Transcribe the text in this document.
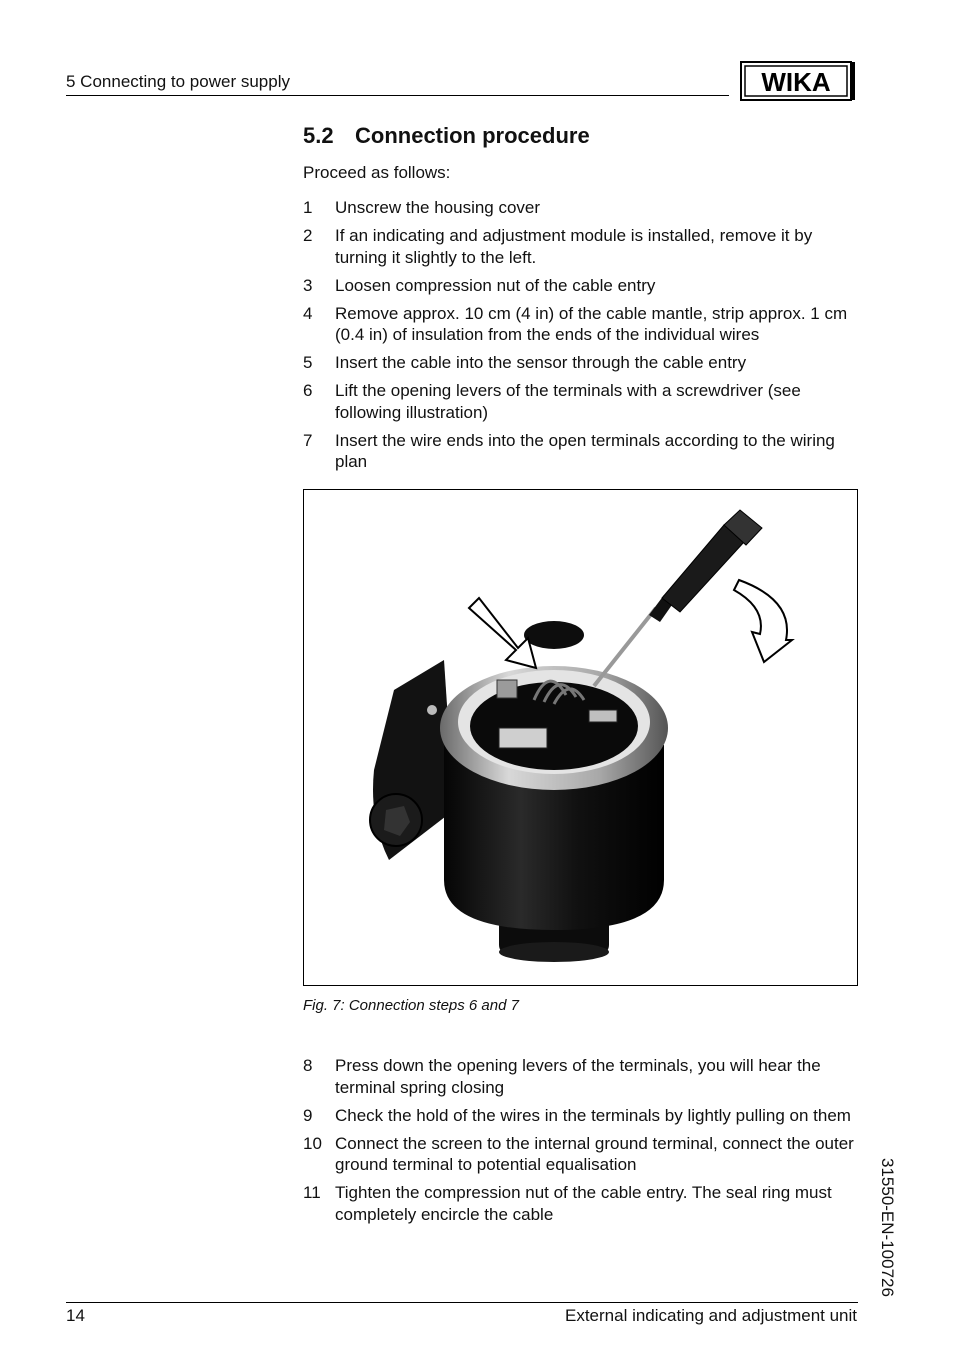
5 Connecting to power supply	WIKA
5.2 Connection procedure
Proceed as follows:
1	Unscrew the housing cover
2	If an indicating and adjustment module is installed, remove it by turning it slightly to the left.
3	Loosen compression nut of the cable entry
4	Remove approx. 10 cm (4 in) of the cable mantle, strip approx. 1 cm (0.4 in) of insulation from the ends of the individual wires
5	Insert the cable into the sensor through the cable entry
6	Lift the opening levers of the terminals with a screwdriver (see following illustration)
7	Insert the wire ends into the open terminals according to the wiring plan
Fig. 7: Connection steps 6 and 7
8	Press down the opening levers of the terminals, you will hear the terminal spring closing
9	Check the hold of the wires in the terminals by lightly pulling on them
10 Connect the screen to the internal ground terminal, connect the outer ground terminal to potential equalisation
11 Tighten the compression nut of the cable entry. The seal ring must completely encircle the cable	31550-EN-100726
14	External indicating and adjustment unit
